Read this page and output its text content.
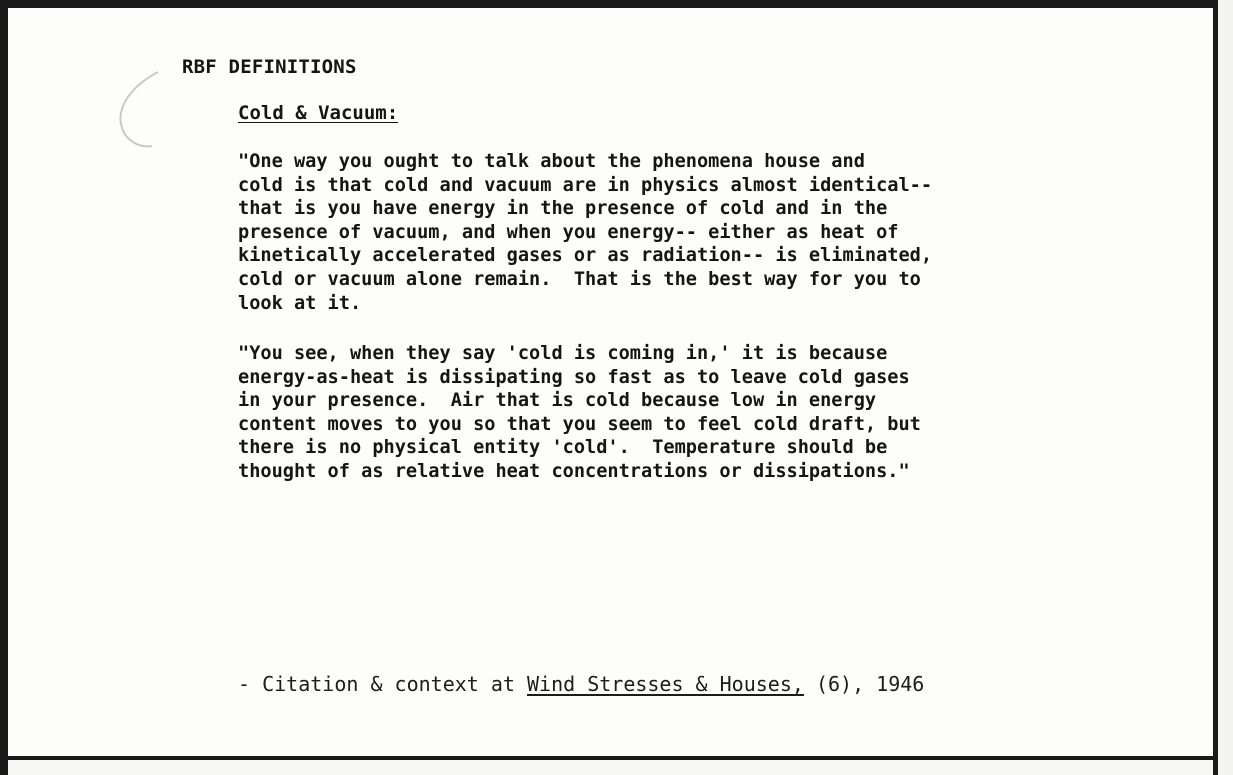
RBF DEFINITIONS
Cold & Vacuum:
"One way you ought to talk about the phenomena house and
cold is that cold and vacuum are in physics almost identical--
that is you have energy in the presence of cold and in the
presence of vacuum, and when you energy-- either as heat of
kinetically accelerated gases or as radiation-- is eliminated,
cold or vacuum alone remain.  That is the best way for you to
look at it.
"You see, when they say 'cold is coming in,' it is because
energy-as-heat is dissipating so fast as to leave cold gases
in your presence.  Air that is cold because low in energy
content moves to you so that you seem to feel cold draft, but
there is no physical entity 'cold'.  Temperature should be
thought of as relative heat concentrations or dissipations."
- Citation & context at Wind Stresses & Houses, (6), 1946
